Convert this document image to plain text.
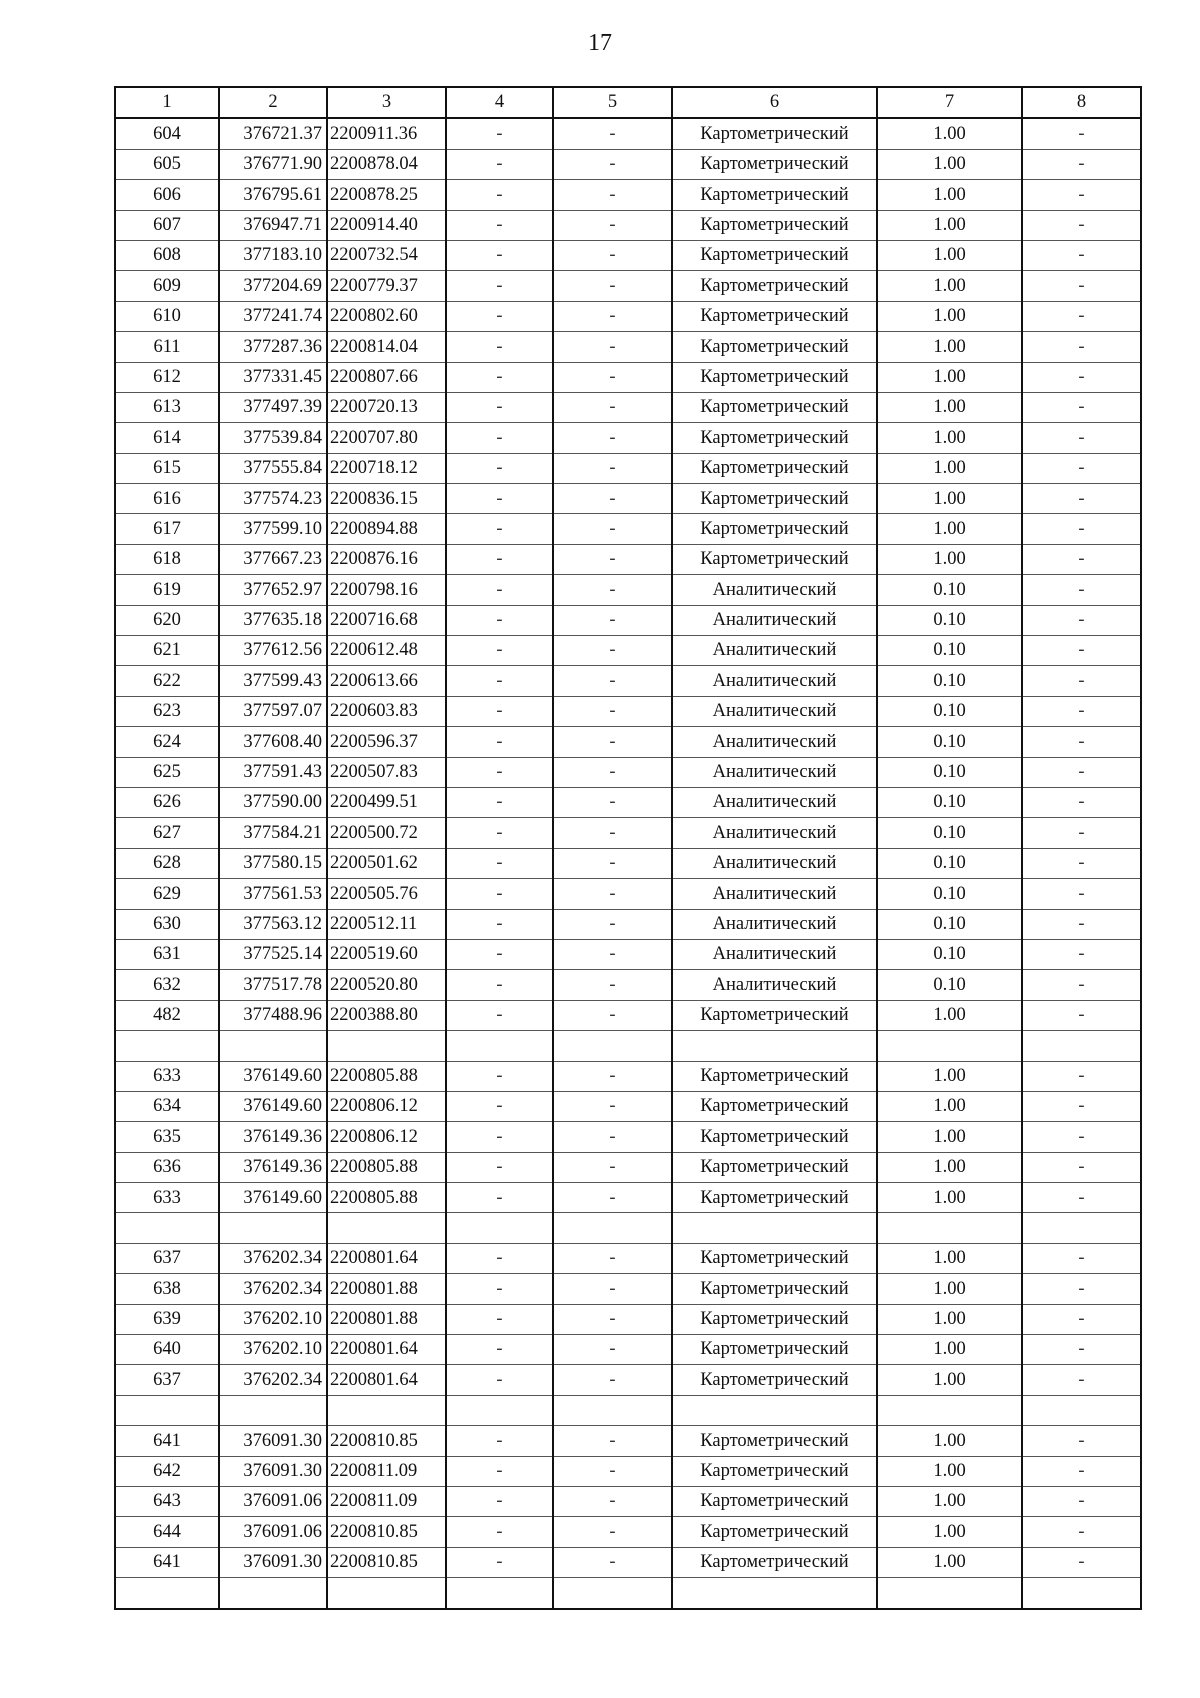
17
1	2	3	4	5	6	7	8
604	376721.37	2200911.36	-	-	Картометрический	1.00	-
605	376771.90	2200878.04	-	-	Картометрический	1.00	-
606	376795.61	2200878.25	-	-	Картометрический	1.00	-
607	376947.71	2200914.40	-	-	Картометрический	1.00	-
608	377183.10	2200732.54	-	-	Картометрический	1.00	-
609	377204.69	2200779.37	-	-	Картометрический	1.00	-
610	377241.74	2200802.60	-	-	Картометрический	1.00	-
611	377287.36	2200814.04	-	-	Картометрический	1.00	-
612	377331.45	2200807.66	-	-	Картометрический	1.00	-
613	377497.39	2200720.13	-	-	Картометрический	1.00	-
614	377539.84	2200707.80	-	-	Картометрический	1.00	-
615	377555.84	2200718.12	-	-	Картометрический	1.00	-
616	377574.23	2200836.15	-	-	Картометрический	1.00	-
617	377599.10	2200894.88	-	-	Картометрический	1.00	-
618	377667.23	2200876.16	-	-	Картометрический	1.00	-
619	377652.97	2200798.16	-	-	Аналитический	0.10	-
620	377635.18	2200716.68	-	-	Аналитический	0.10	-
621	377612.56	2200612.48	-	-	Аналитический	0.10	-
622	377599.43	2200613.66	-	-	Аналитический	0.10	-
623	377597.07	2200603.83	-	-	Аналитический	0.10	-
624	377608.40	2200596.37	-	-	Аналитический	0.10	-
625	377591.43	2200507.83	-	-	Аналитический	0.10	-
626	377590.00	2200499.51	-	-	Аналитический	0.10	-
627	377584.21	2200500.72	-	-	Аналитический	0.10	-
628	377580.15	2200501.62	-	-	Аналитический	0.10	-
629	377561.53	2200505.76	-	-	Аналитический	0.10	-
630	377563.12	2200512.11	-	-	Аналитический	0.10	-
631	377525.14	2200519.60	-	-	Аналитический	0.10	-
632	377517.78	2200520.80	-	-	Аналитический	0.10	-
482	377488.96	2200388.80	-	-	Картометрический	1.00	-

633	376149.60	2200805.88	-	-	Картометрический	1.00	-
634	376149.60	2200806.12	-	-	Картометрический	1.00	-
635	376149.36	2200806.12	-	-	Картометрический	1.00	-
636	376149.36	2200805.88	-	-	Картометрический	1.00	-
633	376149.60	2200805.88	-	-	Картометрический	1.00	-

637	376202.34	2200801.64	-	-	Картометрический	1.00	-
638	376202.34	2200801.88	-	-	Картометрический	1.00	-
639	376202.10	2200801.88	-	-	Картометрический	1.00	-
640	376202.10	2200801.64	-	-	Картометрический	1.00	-
637	376202.34	2200801.64	-	-	Картометрический	1.00	-

641	376091.30	2200810.85	-	-	Картометрический	1.00	-
642	376091.30	2200811.09	-	-	Картометрический	1.00	-
643	376091.06	2200811.09	-	-	Картометрический	1.00	-
644	376091.06	2200810.85	-	-	Картометрический	1.00	-
641	376091.30	2200810.85	-	-	Картометрический	1.00	-
